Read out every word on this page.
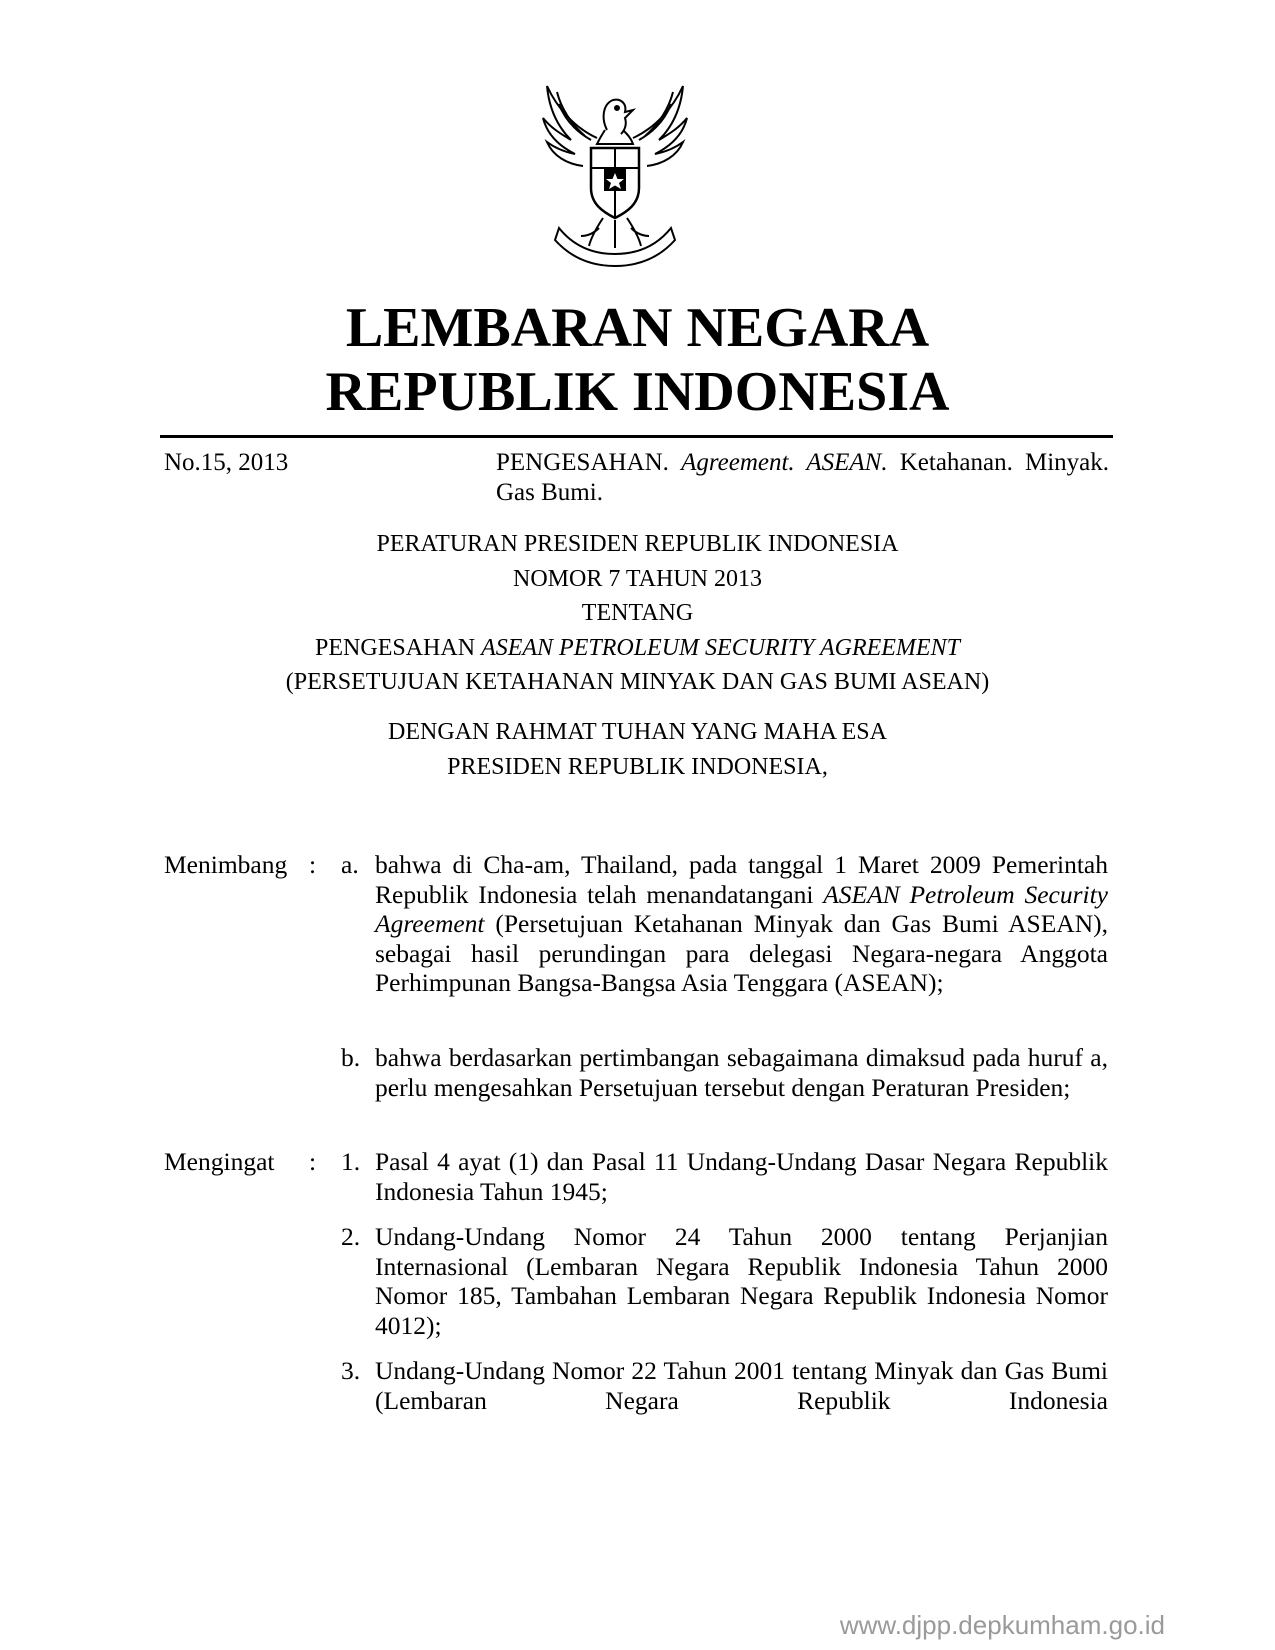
LEMBARAN NEGARA
REPUBLIK INDONESIA
No.15, 2013	PENGESAHAN. Agreement. ASEAN. Ketahanan. Minyak. Gas Bumi.
PERATURAN PRESIDEN REPUBLIK INDONESIA
NOMOR 7 TAHUN 2013
TENTANG
PENGESAHAN ASEAN PETROLEUM SECURITY AGREEMENT
(PERSETUJUAN KETAHANAN MINYAK DAN GAS BUMI ASEAN)
DENGAN RAHMAT TUHAN YANG MAHA ESA
PRESIDEN REPUBLIK INDONESIA,
Menimbang : a. bahwa di Cha-am, Thailand, pada tanggal 1 Maret 2009 Pemerintah Republik Indonesia telah menandatangani ASEAN Petroleum Security Agreement (Persetujuan Ketahanan Minyak dan Gas Bumi ASEAN), sebagai hasil perundingan para delegasi Negara-negara Anggota Perhimpunan Bangsa-Bangsa Asia Tenggara (ASEAN);
b. bahwa berdasarkan pertimbangan sebagaimana dimaksud pada huruf a, perlu mengesahkan Persetujuan tersebut dengan Peraturan Presiden;
Mengingat : 1. Pasal 4 ayat (1) dan Pasal 11 Undang-Undang Dasar Negara Republik Indonesia Tahun 1945;
2. Undang-Undang Nomor 24 Tahun 2000 tentang Perjanjian Internasional (Lembaran Negara Republik Indonesia Tahun 2000 Nomor 185, Tambahan Lembaran Negara Republik Indonesia Nomor 4012);
3. Undang-Undang Nomor 22 Tahun 2001 tentang Minyak dan Gas Bumi (Lembaran Negara Republik Indonesia
www.djpp.depkumham.go.id
